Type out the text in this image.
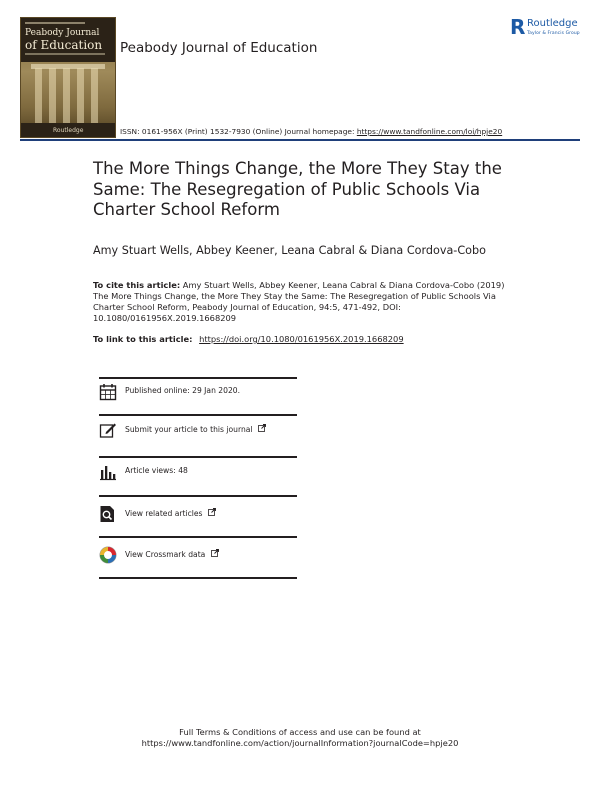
Peabody Journal
of Education
Routledge
Peabody Journal of Education
R Routledge
Taylor & Francis Group
ISSN: 0161-956X (Print) 1532-7930 (Online) Journal homepage: https://www.tandfonline.com/loi/hpje20
The More Things Change, the More They Stay the Same: The Resegregation of Public Schools Via Charter School Reform
Amy Stuart Wells, Abbey Keener, Leana Cabral & Diana Cordova-Cobo
To cite this article: Amy Stuart Wells, Abbey Keener, Leana Cabral & Diana Cordova-Cobo (2019) The More Things Change, the More They Stay the Same: The Resegregation of Public Schools Via Charter School Reform, Peabody Journal of Education, 94:5, 471-492, DOI: 10.1080/0161956X.2019.1668209
To link to this article: https://doi.org/10.1080/0161956X.2019.1668209
Published online: 29 Jan 2020.
Submit your article to this journal
Article views: 48
View related articles
View Crossmark data
Full Terms & Conditions of access and use can be found at
https://www.tandfonline.com/action/journalInformation?journalCode=hpje20
